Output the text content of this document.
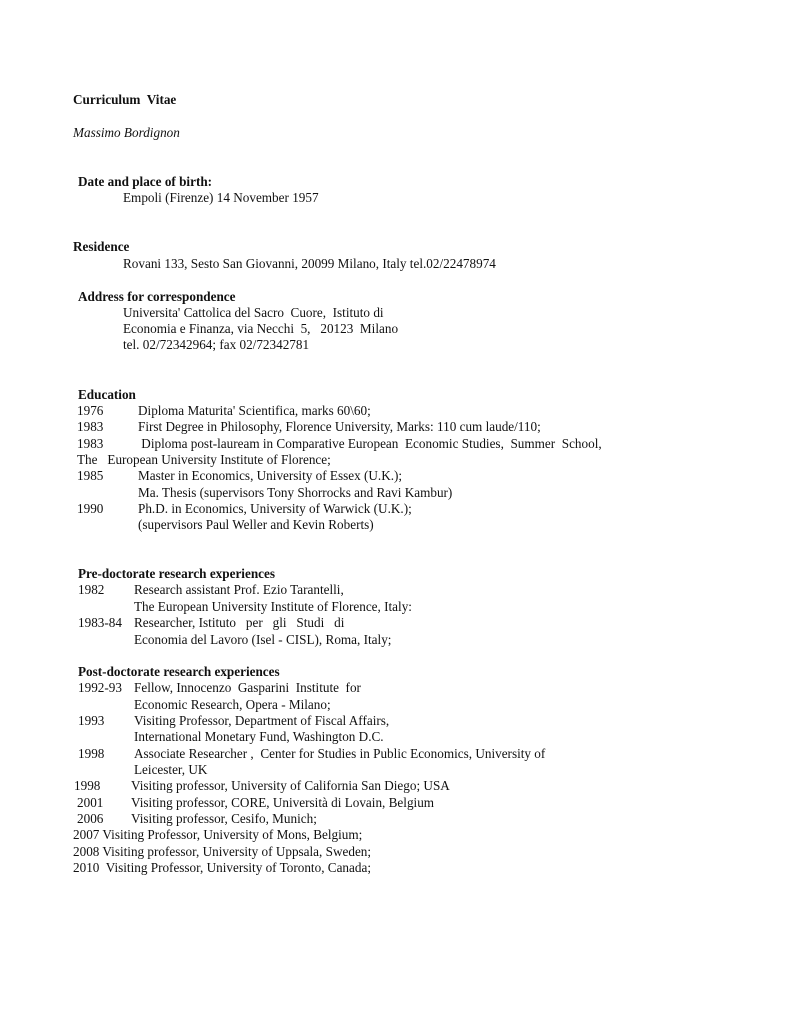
Curriculum  Vitae
Massimo Bordignon
Date and place of birth:
Empoli (Firenze) 14 November 1957
Residence
Rovani 133, Sesto San Giovanni, 20099 Milano, Italy tel.02/22478974
Address for correspondence
Universita' Cattolica del Sacro  Cuore,  Istituto di
Economia e Finanza, via Necchi  5,   20123  Milano
tel. 02/72342964; fax 02/72342781
Education
1976	Diploma Maturita' Scientifica, marks 60\60;
1983	First Degree in Philosophy, Florence University, Marks: 110 cum laude/110;
1983	Diploma post-lauream in Comparative European  Economic Studies,  Summer  School,
The   European University Institute of Florence;
1985	Master in Economics, University of Essex (U.K.);
Ma. Thesis (supervisors Tony Shorrocks and Ravi Kambur)
1990	Ph.D. in Economics, University of Warwick (U.K.);
(supervisors Paul Weller and Kevin Roberts)
Pre-doctorate research experiences
1982 Research assistant Prof. Ezio Tarantelli,
The European University Institute of Florence, Italy:
1983-84 Researcher, Istituto   per   gli   Studi   di
Economia del Lavoro (Isel - CISL), Roma, Italy;
Post-doctorate research experiences
1992-93 Fellow, Innocenzo  Gasparini  Institute  for
Economic Research, Opera - Milano;
1993 Visiting Professor, Department of Fiscal Affairs,
International Monetary Fund, Washington D.C.
1998 Associate Researcher ,  Center for Studies in Public Economics, University of
Leicester, UK
1998 Visiting professor, University of California San Diego; USA
2001 Visiting professor, CORE, Università di Lovain, Belgium
2006 Visiting professor, Cesifo, Munich;
2007 Visiting Professor, University of Mons, Belgium;
2008 Visiting professor, University of Uppsala, Sweden;
2010  Visiting Professor, University of Toronto, Canada;
